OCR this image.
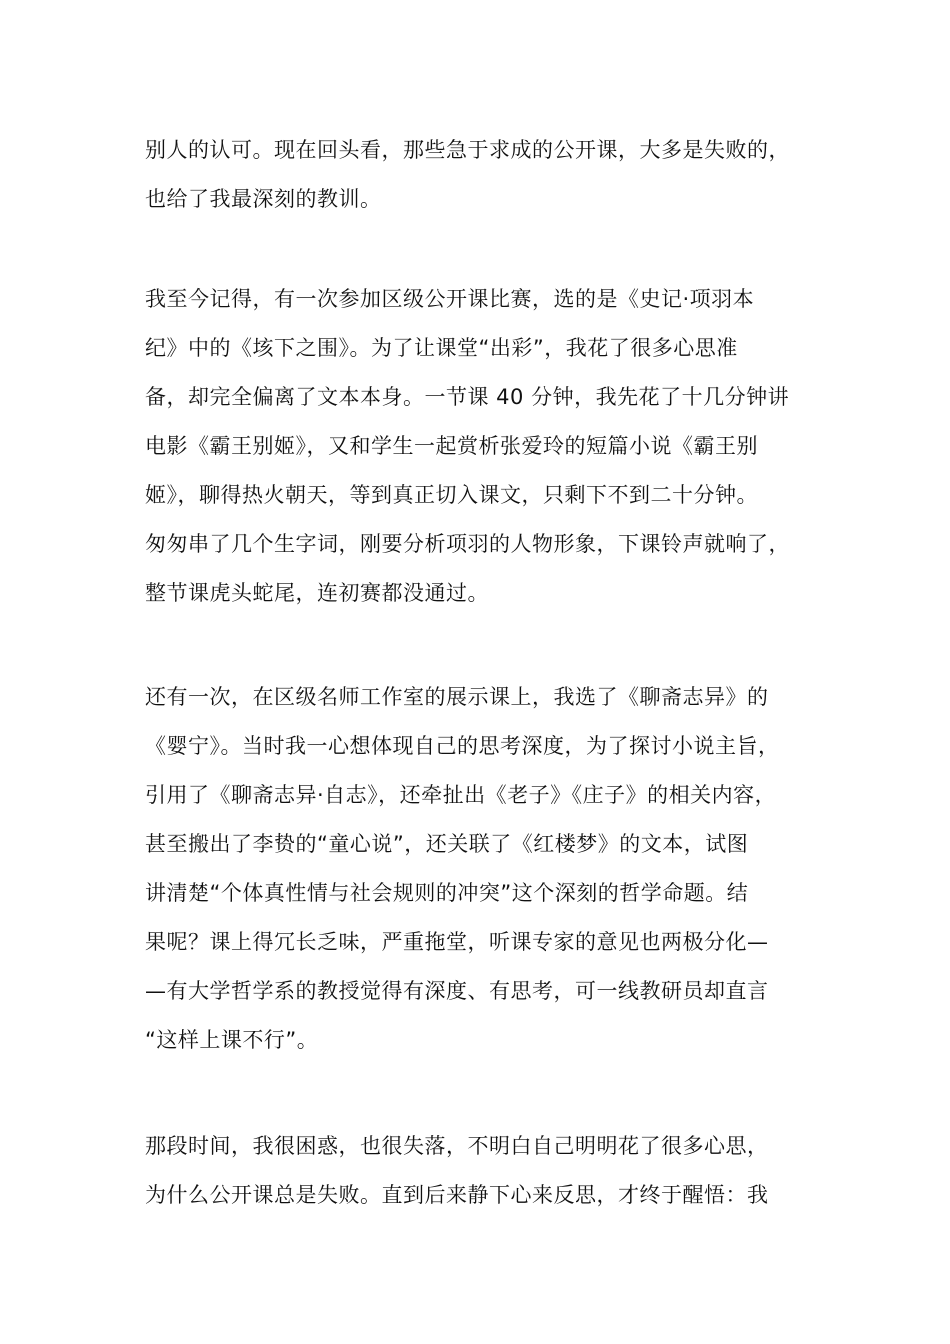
别人的认可。现在回头看，那些急于求成的公开课，大多是失败的，
也给了我最深刻的教训。
我至今记得，有一次参加区级公开课比赛，选的是《史记·项羽本
纪》中的《垓下之围》。为了让课堂“出彩”，我花了很多心思准
备，却完全偏离了文本本身。一节课 40 分钟，我先花了十几分钟讲
电影《霸王别姬》，又和学生一起赏析张爱玲的短篇小说《霸王别
姬》，聊得热火朝天，等到真正切入课文，只剩下不到二十分钟。
匆匆串了几个生字词，刚要分析项羽的人物形象，下课铃声就响了，
整节课虎头蛇尾，连初赛都没通过。
还有一次，在区级名师工作室的展示课上，我选了《聊斋志异》的
《婴宁》。当时我一心想体现自己的思考深度，为了探讨小说主旨，
引用了《聊斋志异·自志》，还牵扯出《老子》《庄子》的相关内容，
甚至搬出了李贽的“童心说”，还关联了《红楼梦》的文本，试图
讲清楚“个体真性情与社会规则的冲突”这个深刻的哲学命题。结
果呢？课上得冗长乏味，严重拖堂，听课专家的意见也两极分化—
—有大学哲学系的教授觉得有深度、有思考，可一线教研员却直言
“这样上课不行”。
那段时间，我很困惑，也很失落，不明白自己明明花了很多心思，
为什么公开课总是失败。直到后来静下心来反思，才终于醒悟：我
